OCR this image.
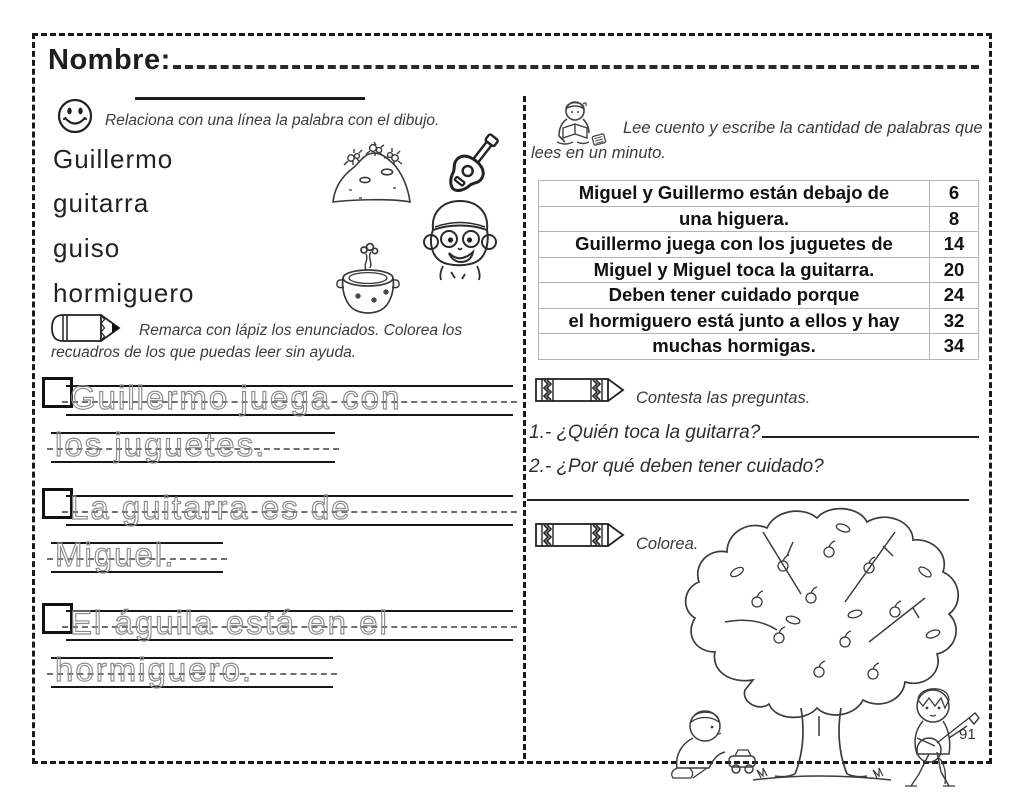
Nombre:
Relaciona con una línea la palabra con el dibujo.
Guillermo
guitarra
guiso
hormiguero
Remarca con lápiz los enunciados. Colorea los recuadros de los que puedas leer sin ayuda.
Guillermo juega con
los juguetes.
La guitarra es de
Miguel.
El águila está en el
hormiguero.
Lee cuento y escribe la cantidad de palabras que lees en un minuto.
Miguel y Guillermo están debajo de	6
una higuera.	8
Guillermo juega con los juguetes de	14
Miguel y Miguel toca la guitarra.	20
Deben tener cuidado porque	24
el hormiguero está junto a ellos y hay	32
muchas hormigas.	34
Contesta las preguntas.
1.- ¿Quién toca la guitarra?
2.- ¿Por qué deben tener cuidado?
Colorea.
91
